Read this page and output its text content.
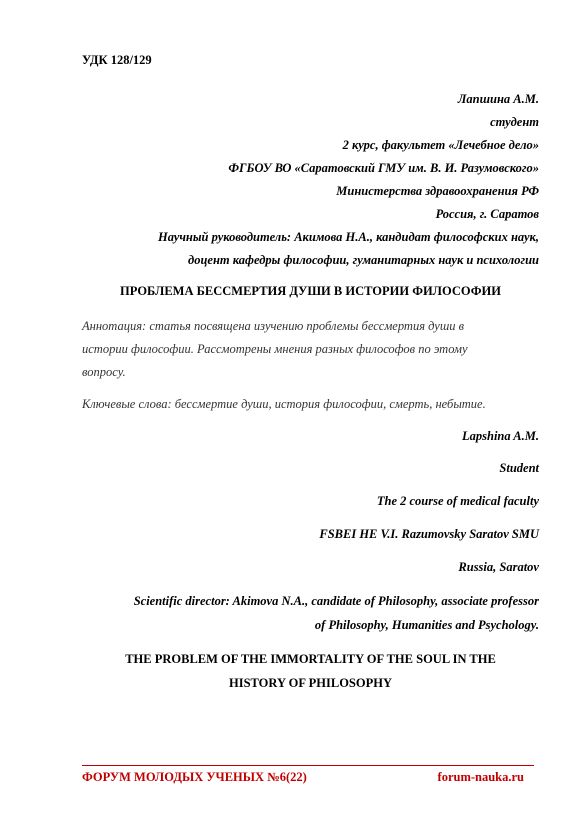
УДК 128/129
Лапшина А.М.
студент
2 курс, факультет «Лечебное дело»
ФГБОУ ВО «Саратовский ГМУ им. В. И. Разумовского»
Министерства здравоохранения РФ
Россия, г. Саратов
Научный руководитель: Акимова Н.А., кандидат философских наук,
доцент кафедры философии, гуманитарных наук и психологии
ПРОБЛЕМА БЕССМЕРТИЯ ДУШИ В ИСТОРИИ ФИЛОСОФИИ
Аннотация: статья посвящена изучению проблемы бессмертия души в
истории философии. Рассмотрены мнения разных философов по этому
вопросу.
Ключевые слова: бессмертие души, история философии, смерть, небытие.
Lapshina A.M.
Student
The 2 course of medical faculty
FSBEI HE V.I. Razumovsky Saratov SMU
Russia, Saratov
Scientific director: Akimova N.A., candidate of Philosophy, associate professor
of Philosophy, Humanities and Psychology.
THE PROBLEM OF THE IMMORTALITY OF THE SOUL IN THE
HISTORY OF PHILOSOPHY
ФОРУМ МОЛОДЫХ УЧЕНЫХ №6(22)	forum-nauka.ru
